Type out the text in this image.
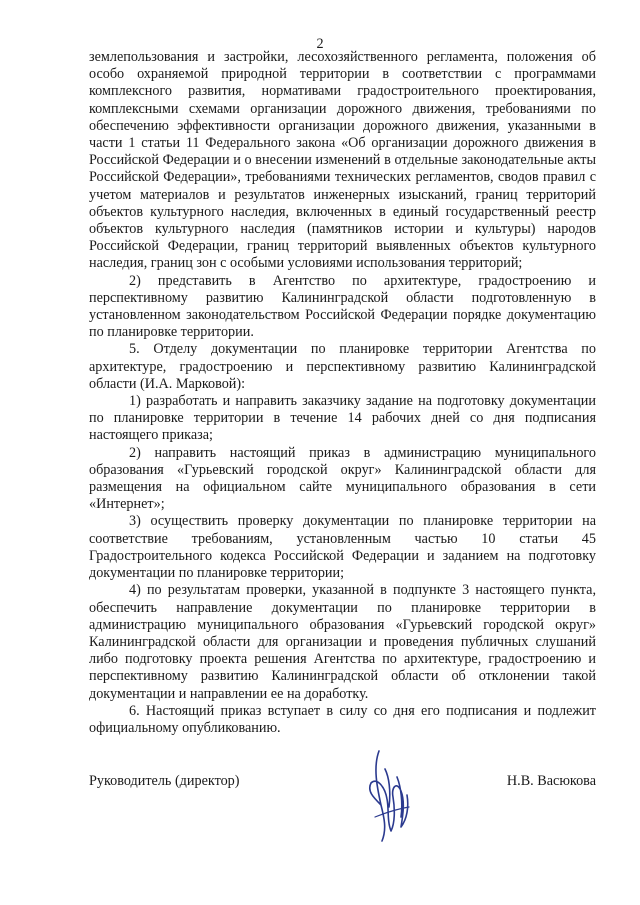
2

землепользования и застройки, лесохозяйственного регламента, положения об особо охраняемой природной территории в соответствии с программами комплексного развития, нормативами градостроительного проектирования, комплексными схемами организации дорожного движения, требованиями по обеспечению эффективности организации дорожного движения, указанными в части 1 статьи 11 Федерального закона «Об организации дорожного движения в Российской Федерации и о внесении изменений в отдельные законодательные акты Российской Федерации», требованиями технических регламентов, сводов правил с учетом материалов и результатов инженерных изысканий, границ территорий объектов культурного наследия, включенных в единый государственный реестр объектов культурного наследия (памятников истории и культуры) народов Российской Федерации, границ территорий выявленных объектов культурного наследия, границ зон с особыми условиями использования территорий;

2) представить в Агентство по архитектуре, градостроению и перспективному развитию Калининградской области подготовленную в установленном законодательством Российской Федерации порядке документацию по планировке территории.

5. Отделу документации по планировке территории Агентства по архитектуре, градостроению и перспективному развитию Калининградской области (И.А. Марковой):

1) разработать и направить заказчику задание на подготовку документации по планировке территории в течение 14 рабочих дней со дня подписания настоящего приказа;

2) направить настоящий приказ в администрацию муниципального образования «Гурьевский городской округ» Калининградской области для размещения на официальном сайте муниципального образования в сети «Интернет»;

3) осуществить проверку документации по планировке территории на соответствие требованиям, установленным частью 10 статьи 45 Градостроительного кодекса Российской Федерации и заданием на подготовку документации по планировке территории;

4) по результатам проверки, указанной в подпункте 3 настоящего пункта, обеспечить направление документации по планировке территории в администрацию муниципального образования «Гурьевский городской округ» Калининградской области для организации и проведения публичных слушаний либо подготовку проекта решения Агентства по архитектуре, градостроению и перспективному развитию Калининградской области об отклонении такой документации и направлении ее на доработку.

6. Настоящий приказ вступает в силу со дня его подписания и подлежит официальному опубликованию.

Руководитель (директор)	Н.В. Васюкова
